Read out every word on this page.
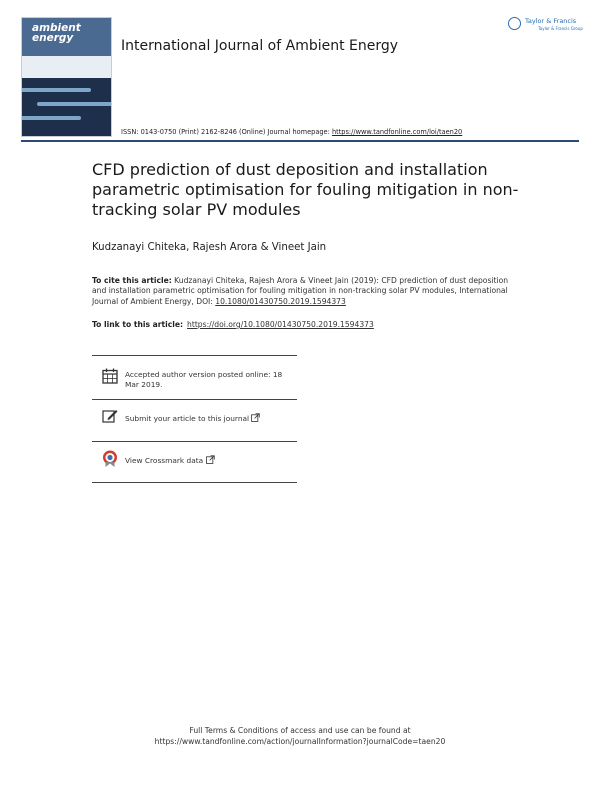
ambient
energy	International Journal of Ambient Energy
Taylor & Francis
Taylor & Francis Group
ISSN: 0143-0750 (Print) 2162-8246 (Online) Journal homepage: https://www.tandfonline.com/loi/taen20
CFD prediction of dust deposition and installation parametric optimisation for fouling mitigation in non-tracking solar PV modules
Kudzanayi Chiteka, Rajesh Arora & Vineet Jain
To cite this article: Kudzanayi Chiteka, Rajesh Arora & Vineet Jain (2019): CFD prediction of dust deposition and installation parametric optimisation for fouling mitigation in non-tracking solar PV modules, International Journal of Ambient Energy, DOI: 10.1080/01430750.2019.1594373
To link to this article: https://doi.org/10.1080/01430750.2019.1594373
Accepted author version posted online: 18 Mar 2019.
Submit your article to this journal
View Crossmark data
Full Terms & Conditions of access and use can be found at
https://www.tandfonline.com/action/journalInformation?journalCode=taen20
